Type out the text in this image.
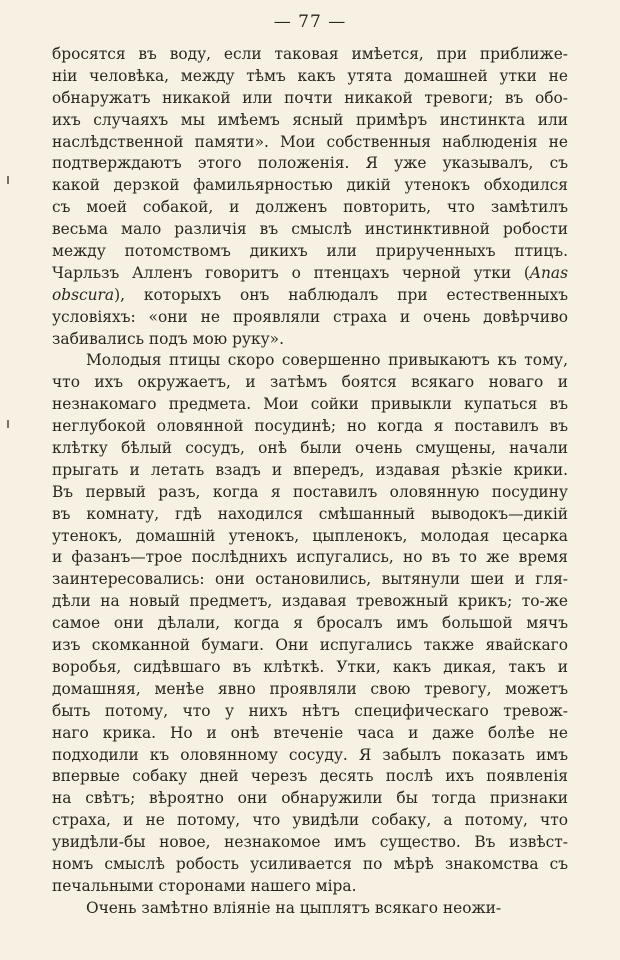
— 77 —
бросятся въ воду, если таковая имѣется, при приближе-
ніи человѣка, между тѣмъ какъ утята домашней утки не
обнаружатъ никакой или почти никакой тревоги; въ обо-
ихъ случаяхъ мы имѣемъ ясный примѣръ инстинкта или
наслѣдственной памяти». Мои собственныя наблюденія не
подтверждаютъ этого положенія. Я уже указывалъ, съ
какой дерзкой фамильярностью дикій утенокъ обходился
съ моей собакой, и долженъ повторить, что замѣтилъ
весьма мало различія въ смыслѣ инстинктивной робости
между потомствомъ дикихъ или прирученныхъ птицъ.
Чарльзъ Алленъ говоритъ о птенцахъ черной утки (Anas
obscura), которыхъ онъ наблюдалъ при естественныхъ
условіяхъ: «они не проявляли страха и очень довѣрчиво
забивались подъ мою руку».
Молодыя птицы скоро совершенно привыкаютъ къ тому,
что ихъ окружаетъ, и затѣмъ боятся всякаго новаго и
незнакомаго предмета. Мои сойки привыкли купаться въ
неглубокой оловянной посудинѣ; но когда я поставилъ въ
клѣтку бѣлый сосудъ, онѣ были очень смущены, начали
прыгать и летать взадъ и впередъ, издавая рѣзкіе крики.
Въ первый разъ, когда я поставилъ оловянную посудину
въ комнату, гдѣ находился смѣшанный выводокъ—дикій
утенокъ, домашній утенокъ, цыпленокъ, молодая цесарка
и фазанъ—трое послѣднихъ испугались, но въ то же время
заинтересовались: они остановились, вытянули шеи и гля-
дѣли на новый предметъ, издавая тревожный крикъ; то-же
самое они дѣлали, когда я бросалъ имъ большой мячъ
изъ скомканной бумаги. Они испугались также явайскаго
воробья, сидѣвшаго въ клѣткѣ. Утки, какъ дикая, такъ и
домашняя, менѣе явно проявляли свою тревогу, можетъ
быть потому, что у нихъ нѣтъ специфическаго тревож-
наго крика. Но и онѣ втеченіе часа и даже болѣе не
подходили къ оловянному сосуду. Я забылъ показать имъ
впервые собаку дней черезъ десять послѣ ихъ появленія
на свѣтъ; вѣроятно они обнаружили бы тогда признаки
страха, и не потому, что увидѣли собаку, а потому, что
увидѣли-бы новое, незнакомое имъ существо. Въ извѣст-
номъ смыслѣ робость усиливается по мѣрѣ знакомства съ
печальными сторонами нашего міра.
Очень замѣтно вліяніе на цыплятъ всякаго неожи-
